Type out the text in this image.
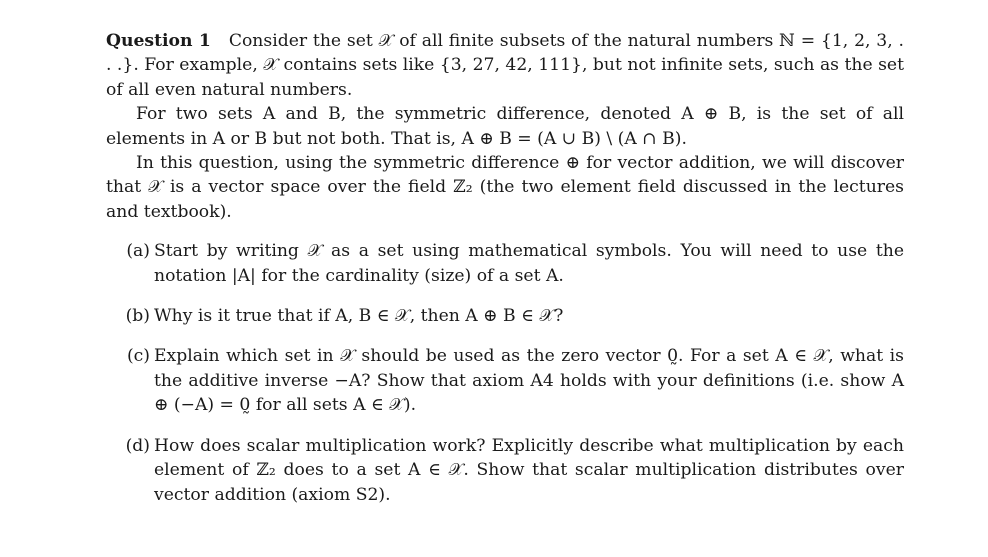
Question 1 Consider the set 𝒳 of all finite subsets of the natural numbers ℕ = {1, 2, 3, . . .}. For example, 𝒳 contains sets like {3, 27, 42, 111}, but not infinite sets, such as the set of all even natural numbers.

For two sets A and B, the symmetric difference, denoted A ⊕ B, is the set of all elements in A or B but not both. That is, A ⊕ B = (A ∪ B) \ (A ∩ B).

In this question, using the symmetric difference ⊕ for vector addition, we will discover that 𝒳 is a vector space over the field ℤ₂ (the two element field discussed in the lectures and textbook).

(a) Start by writing 𝒳 as a set using mathematical symbols. You will need to use the notation |A| for the cardinality (size) of a set A.
(b) Why is it true that if A, B ∈ 𝒳, then A ⊕ B ∈ 𝒳?
(c) Explain which set in 𝒳 should be used as the zero vector 0̰. For a set A ∈ 𝒳, what is the additive inverse −A? Show that axiom A4 holds with your definitions (i.e. show A ⊕ (−A) = 0̰ for all sets A ∈ 𝒳).
(d) How does scalar multiplication work? Explicitly describe what multiplication by each element of ℤ₂ does to a set A ∈ 𝒳. Show that scalar multiplication distributes over vector addition (axiom S2).
